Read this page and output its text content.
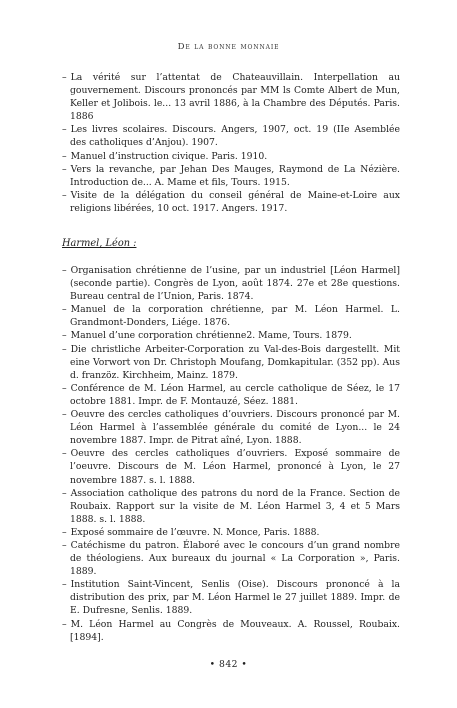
De la bonne monnaie
– La vérité sur l’attentat de Chateauvillain. Interpellation au gouvernement. Discours prononcés par MM ls Comte Albert de Mun, Keller et Jolibois. le... 13 avril 1886, à la Chambre des Députés. Paris. 1886
– Les livres scolaires. Discours. Angers, 1907, oct. 19 (IIe Asemblée des catholiques d’Anjou). 1907.
– Manuel d’instruction civique. Paris. 1910.
– Vers la revanche, par Jehan Des Mauges, Raymond de La Nézière. Introduction de... A. Mame et fils, Tours. 1915.
– Visite de la délégation du conseil général de Maine-et-Loire aux religions libérées, 10 oct. 1917. Angers. 1917.
Harmel, Léon :
– Organisation chrétienne de l’usine, par un industriel [Léon Harmel] (seconde partie). Congrès de Lyon, août 1874. 27e et 28e questions. Bureau central de l’Union, Paris. 1874.
– Manuel de la corporation chrétienne, par M. Léon Harmel. L. Grandmont-Donders, Liége. 1876.
– Manuel d’une corporation chrétienne2. Mame, Tours. 1879.
– Die christliche Arbeiter-Corporation zu Val-des-Bois dargestellt. Mit eine Vorwort von Dr. Christoph Moufang, Domkapitular. (352 pp). Aus d. franzöz. Kirchheim, Mainz. 1879.
– Conférence de M. Léon Harmel, au cercle catholique de Séez, le 17 octobre 1881. Impr. de F. Montauzé, Séez. 1881.
– Oeuvre des cercles catholiques d’ouvriers. Discours prononcé par M. Léon Harmel à l’assemblée générale du comité de Lyon... le 24 novembre 1887. Impr. de Pitrat aîné, Lyon. 1888.
– Oeuvre des cercles catholiques d’ouvriers. Exposé sommaire de l’oeuvre. Discours de M. Léon Harmel, prononcé à Lyon, le 27 novembre 1887. s. l. 1888.
– Association catholique des patrons du nord de la France. Section de Roubaix. Rapport sur la visite de M. Léon Harmel 3, 4 et 5 Mars 1888. s. l. 1888.
– Exposé sommaire de l’œuvre. N. Monce, Paris. 1888.
– Catéchisme du patron. Élaboré avec le concours d’un grand nombre de théologiens. Aux bureaux du journal « La Corporation », Paris. 1889.
– Institution Saint-Vincent, Senlis (Oise). Discours prononcé à la distribution des prix, par M. Léon Harmel le 27 juillet 1889. Impr. de E. Dufresne, Senlis. 1889.
– M. Léon Harmel au Congrès de Mouveaux. A. Roussel, Roubaix. [1894].
• 842 •
